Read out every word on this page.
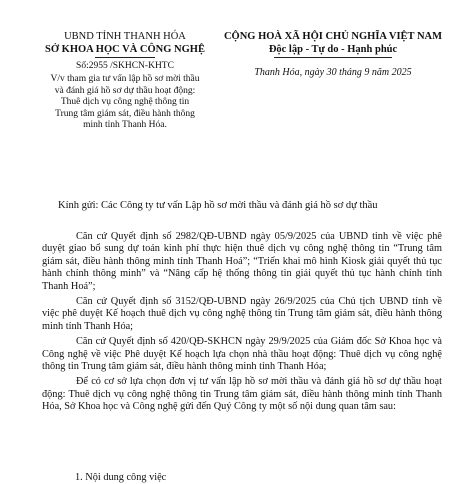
UBND TỈNH THANH HÓA
SỞ KHOA HỌC VÀ CÔNG NGHỆ
Số:2955 /SKHCN-KHTC
V/v tham gia tư vấn lập hồ sơ mời thầu
và đánh giá hồ sơ dự thầu hoạt động:
Thuê dịch vụ công nghệ thông tin
Trung tâm giám sát, điều hành thông
minh tỉnh Thanh Hóa.
CỘNG HOÀ XÃ HỘI CHỦ NGHĨA VIỆT NAM
Độc lập - Tự do - Hạnh phúc
Thanh Hóa, ngày 30 tháng 9 năm 2025
Kính gửi: Các Công ty tư vấn Lập hồ sơ mời thầu và đánh giá hồ sơ dự thầu

Căn cứ Quyết định số 2982/QĐ-UBND ngày 05/9/2025 của UBND tỉnh về việc phê duyệt giao bổ sung dự toán kinh phí thực hiện thuê dịch vụ công nghệ thông tin “Trung tâm giám sát, điều hành thông minh tỉnh Thanh Hoá”; “Triển khai mô hình Kiosk giải quyết thủ tục hành chính thông minh” và “Nâng cấp hệ thống thông tin giải quyết thủ tục hành chính tỉnh Thanh Hoá”;

Căn cứ Quyết định số 3152/QĐ-UBND ngày 26/9/2025 của Chủ tịch UBND tỉnh về việc phê duyệt Kế hoạch thuê dịch vụ công nghệ thông tin Trung tâm giám sát, điều hành thông minh tỉnh Thanh Hóa;

Căn cứ Quyết định số 420/QĐ-SKHCN ngày 29/9/2025 của Giám đốc Sở Khoa học và Công nghệ về việc Phê duyệt Kế hoạch lựa chọn nhà thầu hoạt động: Thuê dịch vụ công nghệ thông tin Trung tâm giám sát, điều hành thông minh tỉnh Thanh Hóa;

Để có cơ sở lựa chọn đơn vị tư vấn lập hồ sơ mời thầu và đánh giá hồ sơ dự thầu hoạt động: Thuê dịch vụ công nghệ thông tin Trung tâm giám sát, điều hành thông minh tỉnh Thanh Hóa, Sở Khoa học và Công nghệ gửi đến Quý Công ty một số nội dung quan tâm sau:

1. Nội dung công việc
